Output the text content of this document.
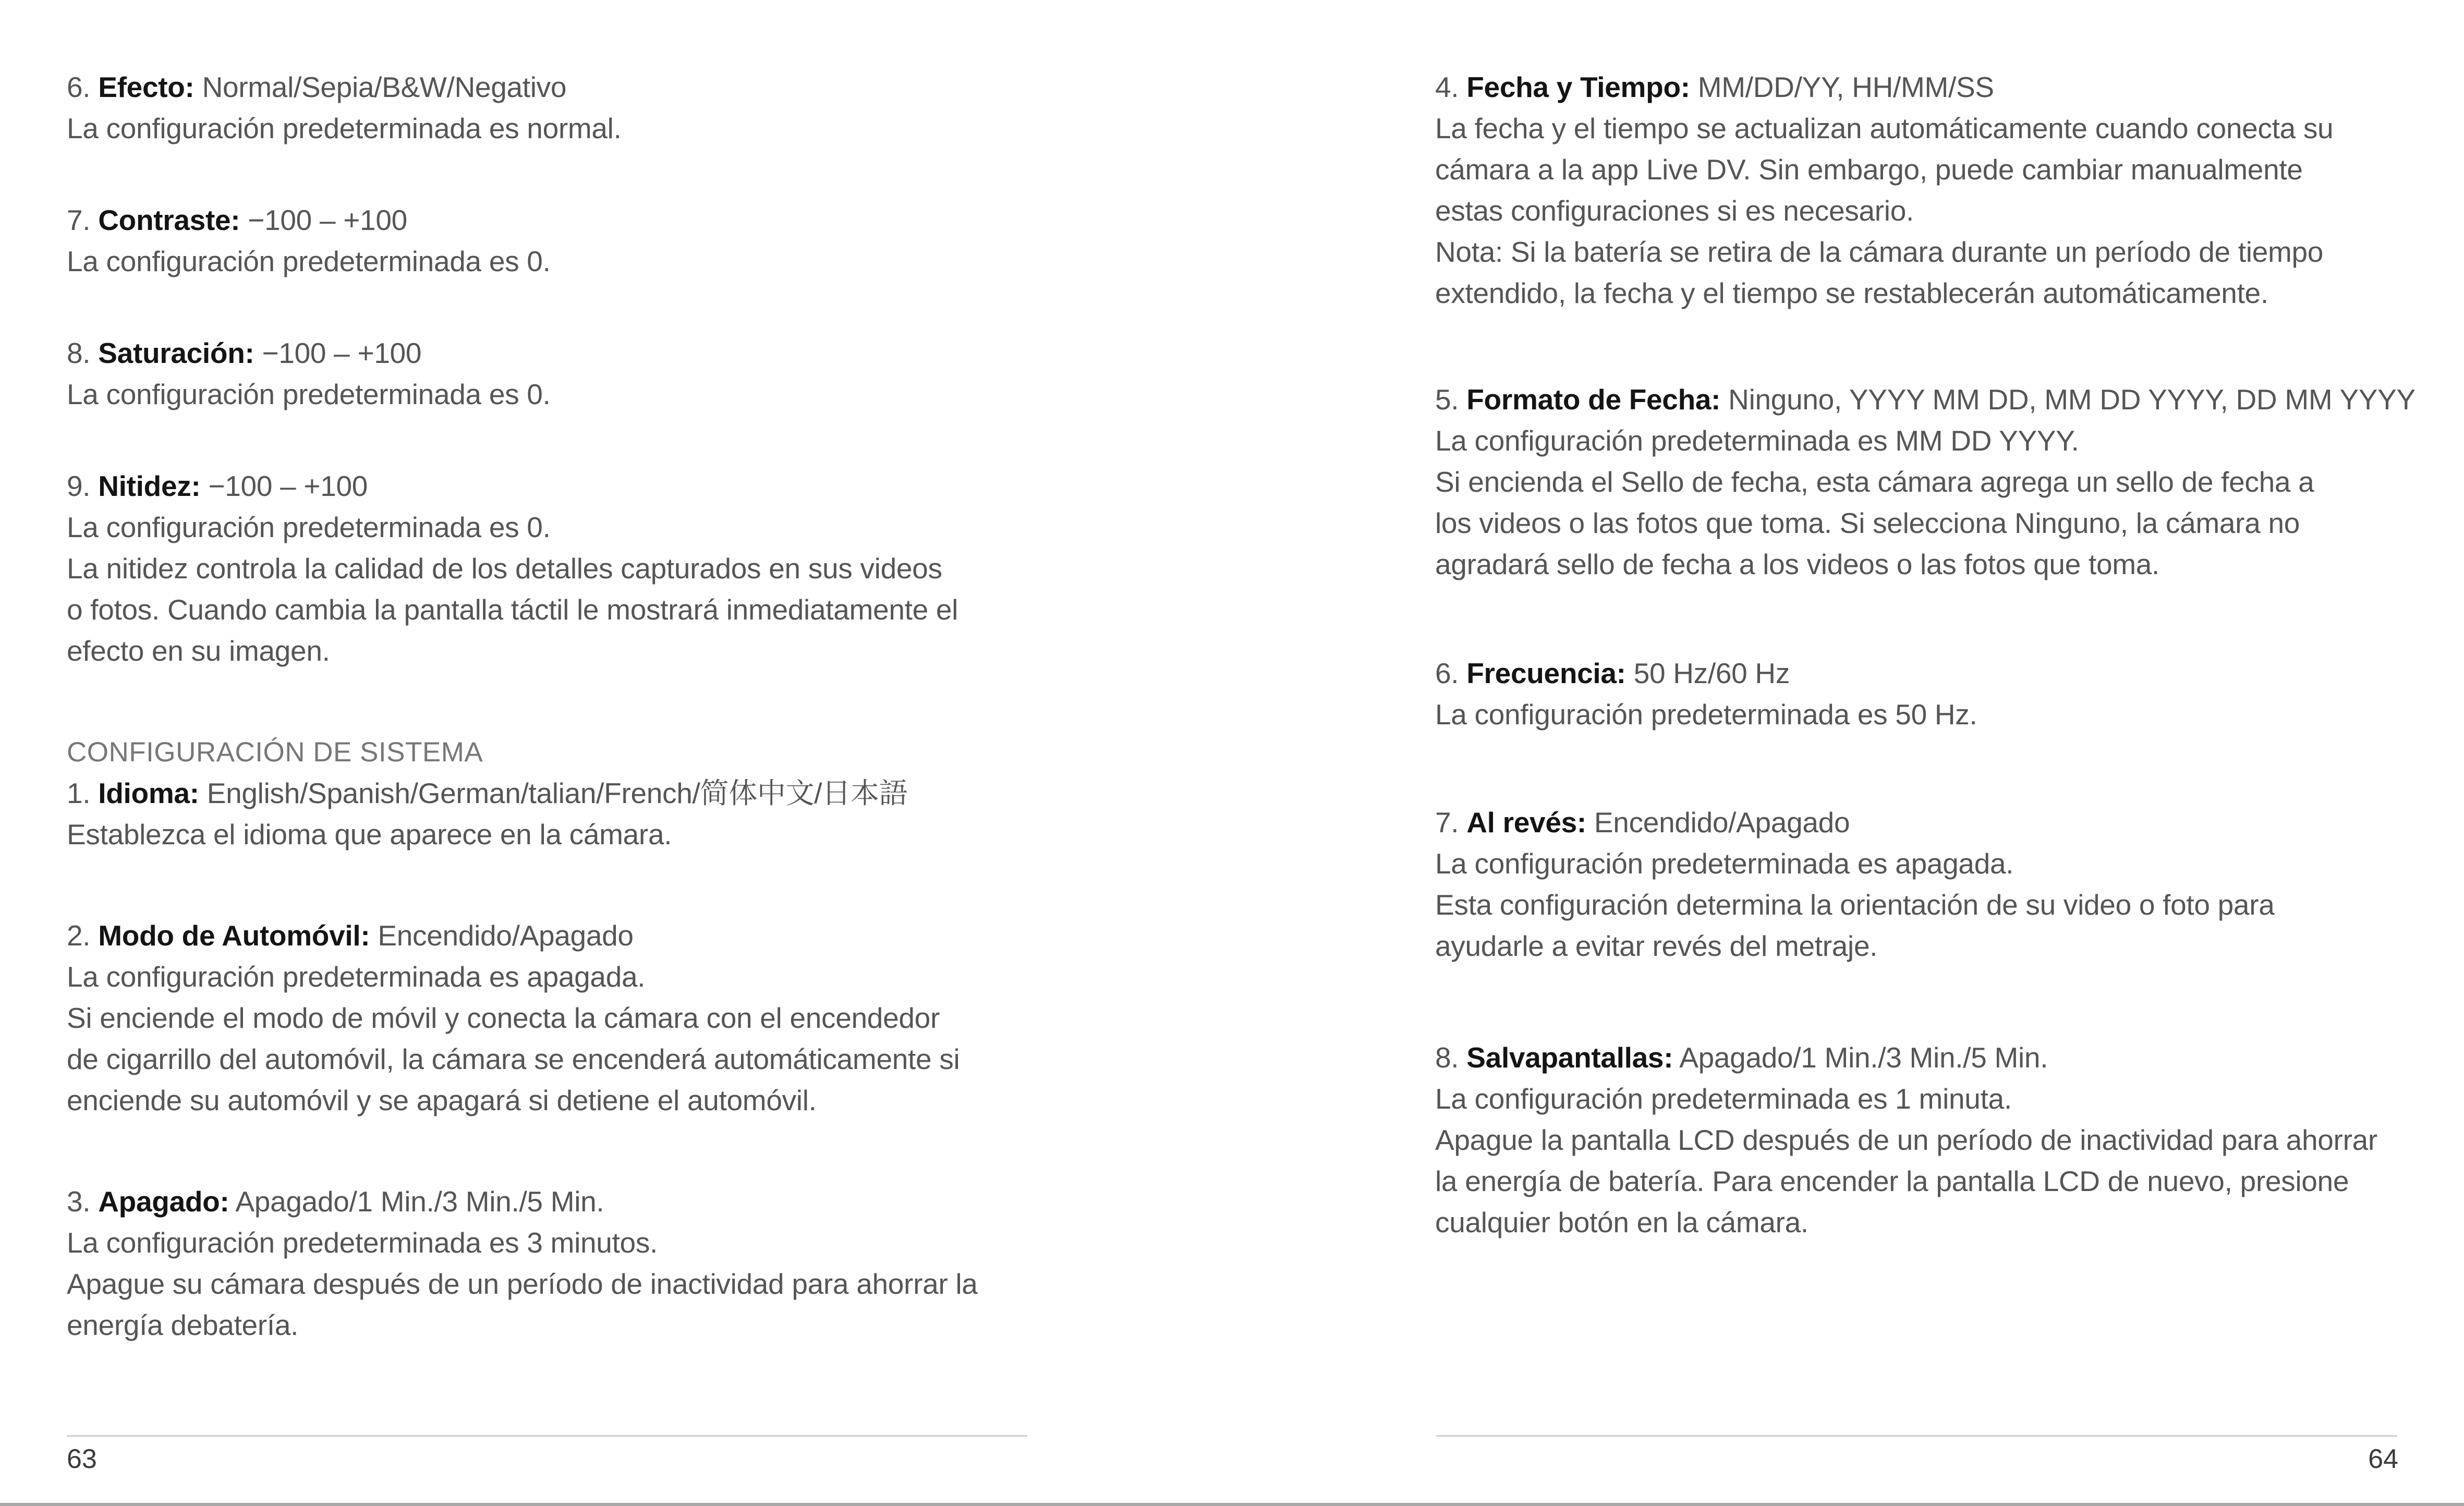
6. Efecto: Normal/Sepia/B&W/Negativo
La configuración predeterminada es normal.
7. Contraste: −100 – +100
La configuración predeterminada es 0.
8. Saturación: −100 – +100
La configuración predeterminada es 0.
9. Nitidez: −100 – +100
La configuración predeterminada es 0.
La nitidez controla la calidad de los detalles capturados en sus videos
o fotos. Cuando cambia la pantalla táctil le mostrará inmediatamente el
efecto en su imagen.
CONFIGURACIÓN DE SISTEMA
1. Idioma: English/Spanish/German/talian/French/简体中文/日本語
Establezca el idioma que aparece en la cámara.
2. Modo de Automóvil: Encendido/Apagado
La configuración predeterminada es apagada.
Si enciende el modo de móvil y conecta la cámara con el encendedor
de cigarrillo del automóvil, la cámara se encenderá automáticamente si
enciende su automóvil y se apagará si detiene el automóvil.
3. Apagado: Apagado/1 Min./3 Min./5 Min.
La configuración predeterminada es 3 minutos.
Apague su cámara después de un período de inactividad para ahorrar la
energía debatería.
63
4. Fecha y Tiempo: MM/DD/YY, HH/MM/SS
La fecha y el tiempo se actualizan automáticamente cuando conecta su
cámara a la app Live DV. Sin embargo, puede cambiar manualmente
estas configuraciones si es necesario.
Nota: Si la batería se retira de la cámara durante un período de tiempo
extendido, la fecha y el tiempo se restablecerán automáticamente.
5. Formato de Fecha: Ninguno, YYYY MM DD, MM DD YYYY, DD MM YYYY
La configuración predeterminada es MM DD YYYY.
Si encienda el Sello de fecha, esta cámara agrega un sello de fecha a
los videos o las fotos que toma. Si selecciona Ninguno, la cámara no
agradará sello de fecha a los videos o las fotos que toma.
6. Frecuencia: 50 Hz/60 Hz
La configuración predeterminada es 50 Hz.
7. Al revés: Encendido/Apagado
La configuración predeterminada es apagada.
Esta configuración determina la orientación de su video o foto para
ayudarle a evitar revés del metraje.
8. Salvapantallas: Apagado/1 Min./3 Min./5 Min.
La configuración predeterminada es 1 minuta.
Apague la pantalla LCD después de un período de inactividad para ahorrar
la energía de batería. Para encender la pantalla LCD de nuevo, presione
cualquier botón en la cámara.
64
